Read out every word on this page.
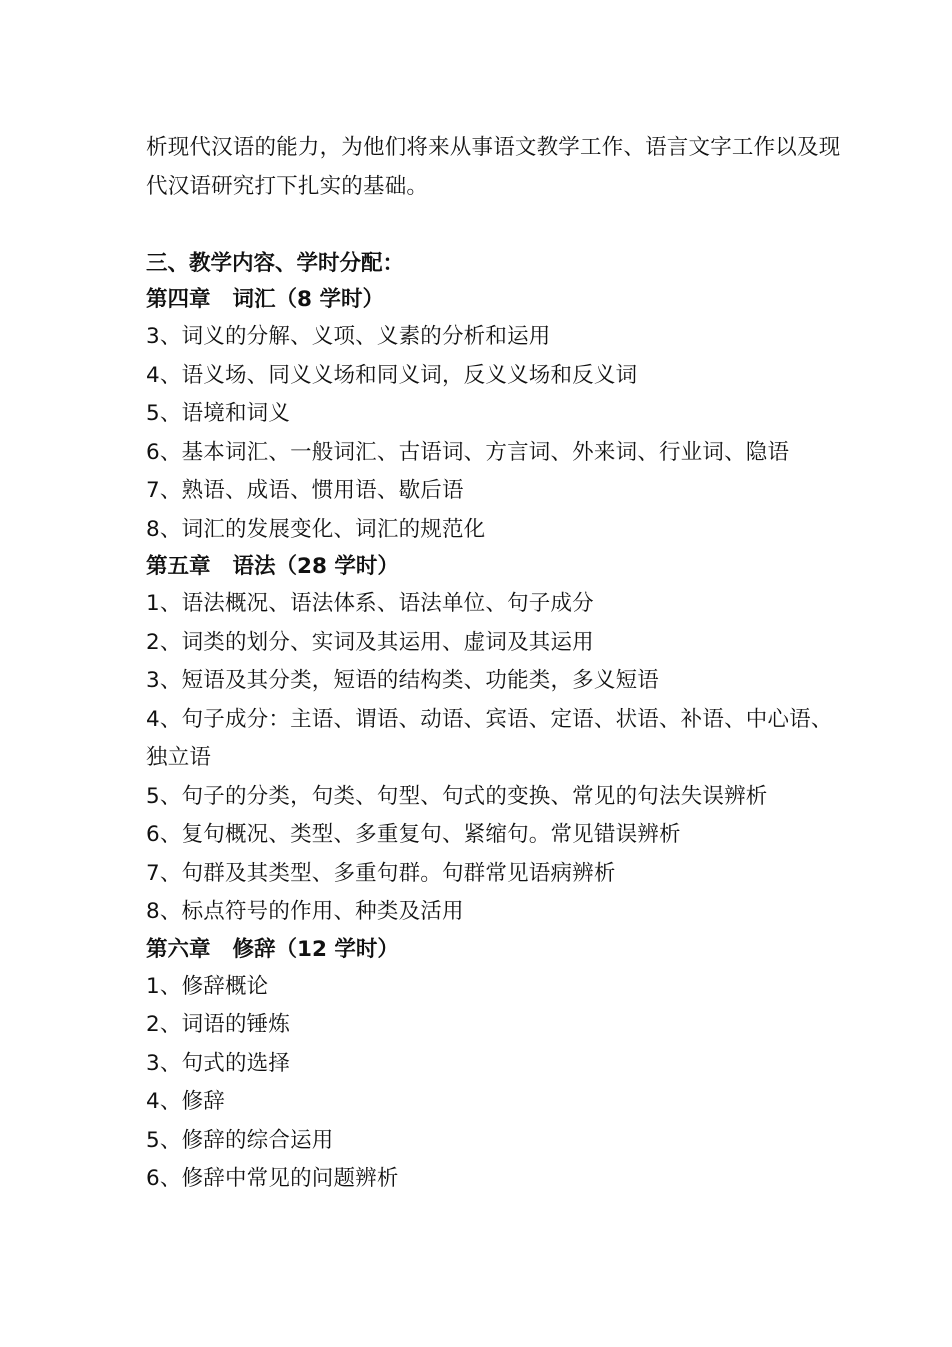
析现代汉语的能力，为他们将来从事语文教学工作、语言文字工作以及现代汉语研究打下扎实的基础。

三、教学内容、学时分配：

第四章 词汇（8 学时）

3、词义的分解、义项、义素的分析和运用

4、语义场、同义义场和同义词，反义义场和反义词

5、语境和词义

6、基本词汇、一般词汇、古语词、方言词、外来词、行业词、隐语

7、熟语、成语、惯用语、歇后语

8、词汇的发展变化、词汇的规范化

第五章 语法（28 学时）

1、语法概况、语法体系、语法单位、句子成分

2、词类的划分、实词及其运用、虚词及其运用

3、短语及其分类，短语的结构类、功能类，多义短语

4、句子成分：主语、谓语、动语、宾语、定语、状语、补语、中心语、独立语

5、句子的分类，句类、句型、句式的变换、常见的句法失误辨析

6、复句概况、类型、多重复句、紧缩句。常见错误辨析

7、句群及其类型、多重句群。句群常见语病辨析

8、标点符号的作用、种类及活用

第六章 修辞（12 学时）

1、修辞概论

2、词语的锤炼

3、句式的选择

4、修辞

5、修辞的综合运用

6、修辞中常见的问题辨析
